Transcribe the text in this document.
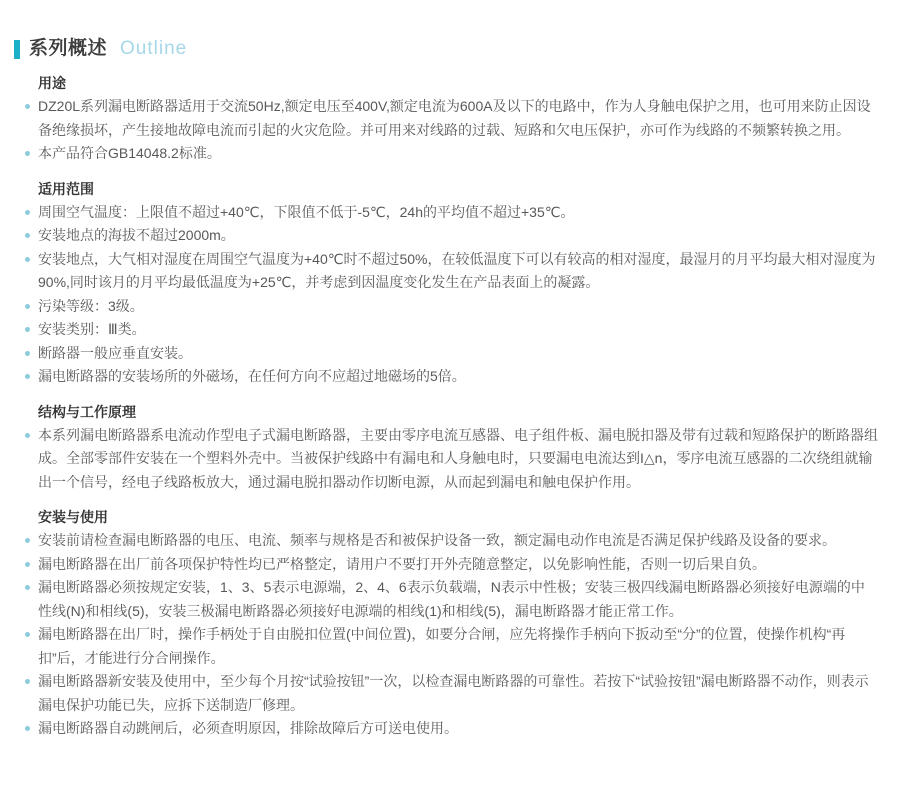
系列概述 Outline
用途
DZ20L系列漏电断路器适用于交流50Hz,额定电压至400V,额定电流为600A及以下的电路中，作为人身触电保护之用，也可用来防止因设备绝缘损坏，产生接地故障电流而引起的火灾危险。并可用来对线路的过载、短路和欠电压保护，亦可作为线路的不频繁转换之用。
本产品符合GB14048.2标准。
适用范围
周围空气温度：上限值不超过+40℃，下限值不低于-5℃，24h的平均值不超过+35℃。
安装地点的海拔不超过2000m。
安装地点，大气相对湿度在周围空气温度为+40℃时不超过50%，在较低温度下可以有较高的相对湿度，最湿月的月平均最大相对湿度为90%,同时该月的月平均最低温度为+25℃，并考虑到因温度变化发生在产品表面上的凝露。
污染等级：3级。
安装类别：Ⅲ类。
断路器一般应垂直安装。
漏电断路器的安装场所的外磁场，在任何方向不应超过地磁场的5倍。
结构与工作原理
本系列漏电断路器系电流动作型电子式漏电断路器，主要由零序电流互感器、电子组件板、漏电脱扣器及带有过载和短路保护的断路器组成。全部零部件安装在一个塑料外壳中。当被保护线路中有漏电和人身触电时，只要漏电电流达到I△n，零序电流互感器的二次绕组就输出一个信号，经电子线路板放大，通过漏电脱扣器动作切断电源，从而起到漏电和触电保护作用。
安装与使用
安装前请检查漏电断路器的电压、电流、频率与规格是否和被保护设备一致，额定漏电动作电流是否满足保护线路及设备的要求。
漏电断路器在出厂前各项保护特性均已严格整定，请用户不要打开外壳随意整定，以免影响性能，否则一切后果自负。
漏电断路器必须按规定安装，1、3、5表示电源端，2、4、6表示负载端，N表示中性极；安装三极四线漏电断路器必须接好电源端的中性线(N)和相线(5)，安装三极漏电断路器必须接好电源端的相线(1)和相线(5)，漏电断路器才能正常工作。
漏电断路器在出厂时，操作手柄处于自由脱扣位置(中间位置)，如要分合闸，应先将操作手柄向下扳动至“分”的位置，使操作机构“再扣”后，才能进行分合闸操作。
漏电断路器新安装及使用中，至少每个月按“试验按钮”一次，以检查漏电断路器的可靠性。若按下“试验按钮”漏电断路器不动作，则表示漏电保护功能已失，应拆下送制造厂修理。
漏电断路器自动跳闸后，必须查明原因，排除故障后方可送电使用。
